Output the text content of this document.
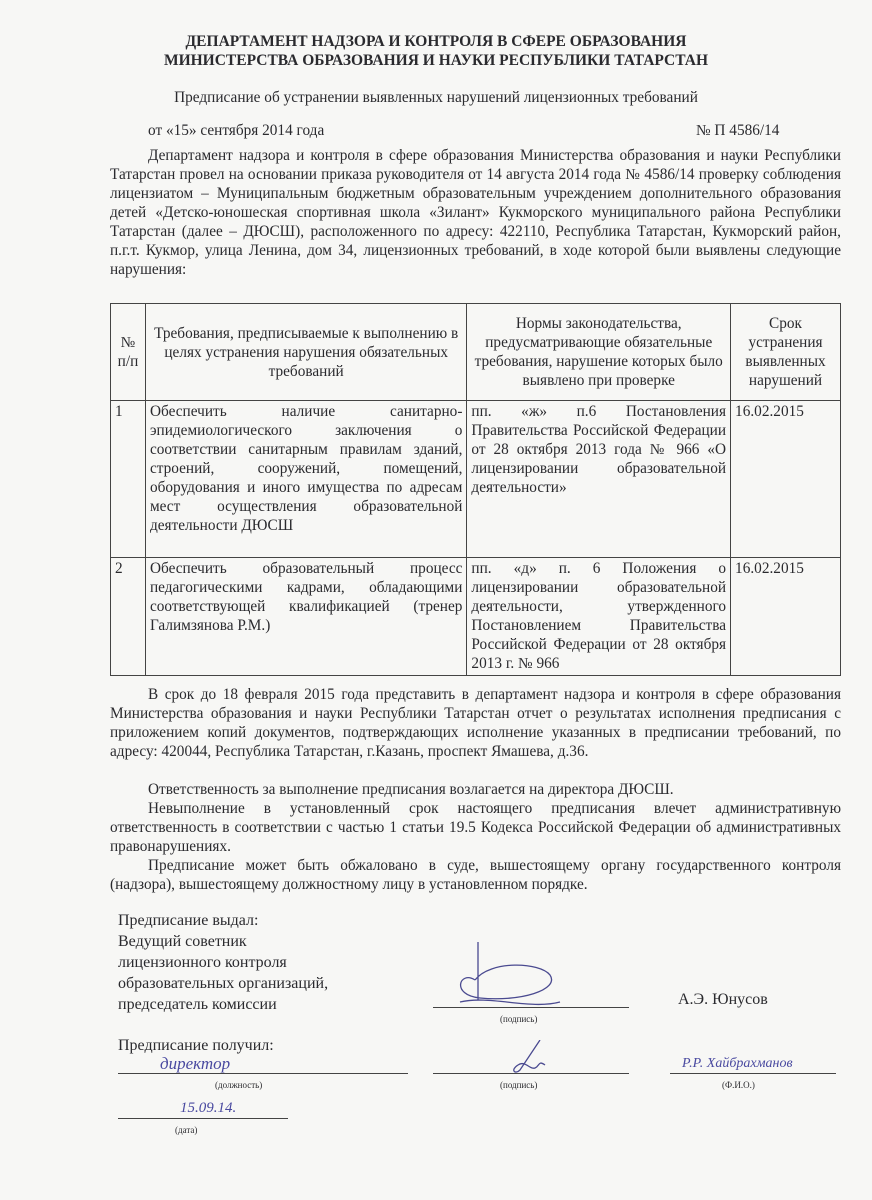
ДЕПАРТАМЕНТ НАДЗОРА И КОНТРОЛЯ В СФЕРЕ ОБРАЗОВАНИЯ
МИНИСТЕРСТВА ОБРАЗОВАНИЯ И НАУКИ РЕСПУБЛИКИ ТАТАРСТАН
Предписание об устранении выявленных нарушений лицензионных требований
от «15» сентября 2014 года	№ П 4586/14
Департамент надзора и контроля в сфере образования Министерства образования и науки Республики Татарстан провел на основании приказа руководителя от 14 августа 2014 года № 4586/14 проверку соблюдения лицензиатом – Муниципальным бюджетным образовательным учреждением дополнительного образования детей «Детско-юношеская спортивная школа «Зилант» Кукморского муниципального района Республики Татарстан (далее – ДЮСШ), расположенного по адресу: 422110, Республика Татарстан, Кукморский район, п.г.т. Кукмор, улица Ленина, дом 34, лицензионных требований, в ходе которой были выявлены следующие нарушения:
№ п/п	Требования, предписываемые к выполнению в целях устранения нарушения обязательных требований	Нормы законодательства, предусматривающие обязательные требования, нарушение которых было выявлено при проверке	Срок устранения выявленных нарушений
1	Обеспечить наличие санитарно-эпидемиологического заключения о соответствии санитарным правилам зданий, строений, сооружений, помещений, оборудования и иного имущества по адресам мест осуществления образовательной деятельности ДЮСШ	пп. «ж» п.6 Постановления Правительства Российской Федерации от 28 октября 2013 года № 966 «О лицензировании образовательной деятельности»	16.02.2015
2	Обеспечить образовательный процесс педагогическими кадрами, обладающими соответствующей квалификацией (тренер Галимзянова Р.М.)	пп. «д» п. 6 Положения о лицензировании образовательной деятельности, утвержденного Постановлением Правительства Российской Федерации от 28 октября 2013 г. № 966	16.02.2015
В срок до 18 февраля 2015 года представить в департамент надзора и контроля в сфере образования Министерства образования и науки Республики Татарстан отчет о результатах исполнения предписания с приложением копий документов, подтверждающих исполнение указанных в предписании требований, по адресу: 420044, Республика Татарстан, г.Казань, проспект Ямашева, д.36.
Ответственность за выполнение предписания возлагается на директора ДЮСШ.
Невыполнение в установленный срок настоящего предписания влечет административную ответственность в соответствии с частью 1 статьи 19.5 Кодекса Российской Федерации об административных правонарушениях.
Предписание может быть обжаловано в суде, вышестоящему органу государственного контроля (надзора), вышестоящему должностному лицу в установленном порядке.
Предписание выдал:
Ведущий советник
лицензионного контроля
образовательных организаций,
председатель комиссии
(подпись)
А.Э. Юнусов
Предписание получил:
директор
(должность)	(подпись)
Р.Р. Хайбрахманов
(Ф.И.О.)
15.09.14.
(дата)
